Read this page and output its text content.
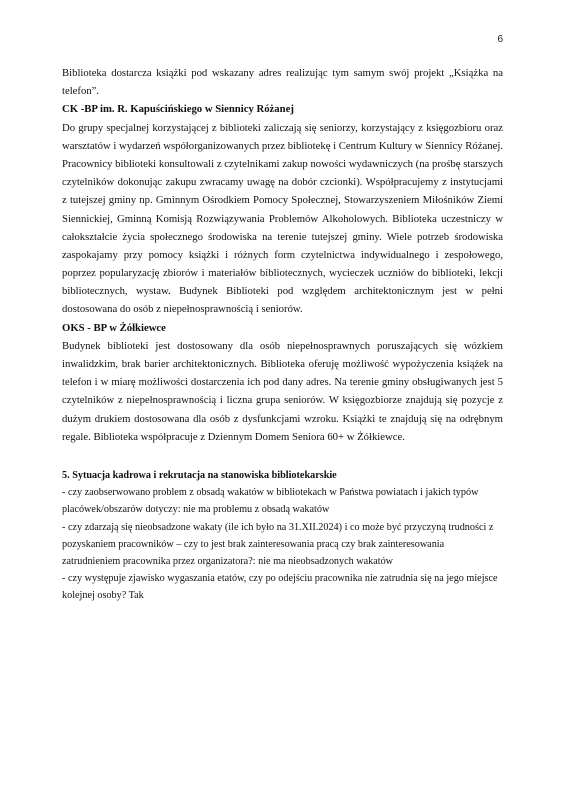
6

Biblioteka dostarcza książki pod wskazany adres realizując tym samym swój projekt „Książka na telefon”.

CK -BP im. R. Kapuścińskiego w Siennicy Różanej

Do grupy specjalnej korzystającej z biblioteki zaliczają się seniorzy, korzystający z księgozbioru oraz warsztatów i wydarzeń współorganizowanych przez bibliotekę i Centrum Kultury w Siennicy Różanej. Pracownicy biblioteki konsultowali z czytelnikami zakup nowości wydawniczych (na prośbę starszych czytelników dokonując zakupu zwracamy uwagę na dobór czcionki). Współpracujemy z instytucjami z tutejszej gminy np. Gminnym Ośrodkiem Pomocy Społecznej, Stowarzyszeniem Miłośników Ziemi Siennickiej, Gminną Komisją Rozwiązywania Problemów Alkoholowych. Biblioteka uczestniczy w całokształcie życia społecznego środowiska na terenie tutejszej gminy. Wiele potrzeb środowiska zaspokajamy przy pomocy książki i różnych form czytelnictwa indywidualnego i zespołowego, poprzez popularyzację zbiorów i materiałów bibliotecznych, wycieczek uczniów do biblioteki, lekcji bibliotecznych, wystaw. Budynek Biblioteki pod względem architektonicznym jest w pełni dostosowana do osób z niepełnosprawnością i seniorów.

OKS - BP w Żółkiewce

Budynek biblioteki jest dostosowany dla osób niepełnosprawnych poruszających się wózkiem inwalidzkim, brak barier architektonicznych. Biblioteka oferuję możliwość wypożyczenia książek na telefon i w miarę możliwości dostarczenia ich pod dany adres. Na terenie gminy obsługiwanych jest 5 czytelników z niepełnosprawnością i liczna grupa seniorów. W księgozbiorze znajdują się pozycje z dużym drukiem dostosowana dla osób z dysfunkcjami wzroku. Książki te znajdują się na odrębnym regale. Biblioteka współpracuje z Dziennym Domem Seniora 60+ w Żółkiewce.

5. Sytuacja kadrowa i rekrutacja na stanowiska bibliotekarskie

- czy zaobserwowano problem z obsadą wakatów w bibliotekach w Państwa powiatach i jakich typów placówek/obszarów dotyczy: nie ma problemu z obsadą wakatów

- czy zdarzają się nieobsadzone wakaty (ile ich było na 31.XII.2024) i co może być przyczyną trudności z pozyskaniem pracowników – czy to jest brak zainteresowania pracą czy brak zainteresowania zatrudnieniem pracownika przez organizatora?: nie ma nieobsadzonych wakatów

- czy występuje zjawisko wygaszania etatów, czy po odejściu pracownika nie zatrudnia się na jego miejsce kolejnej osoby? Tak
